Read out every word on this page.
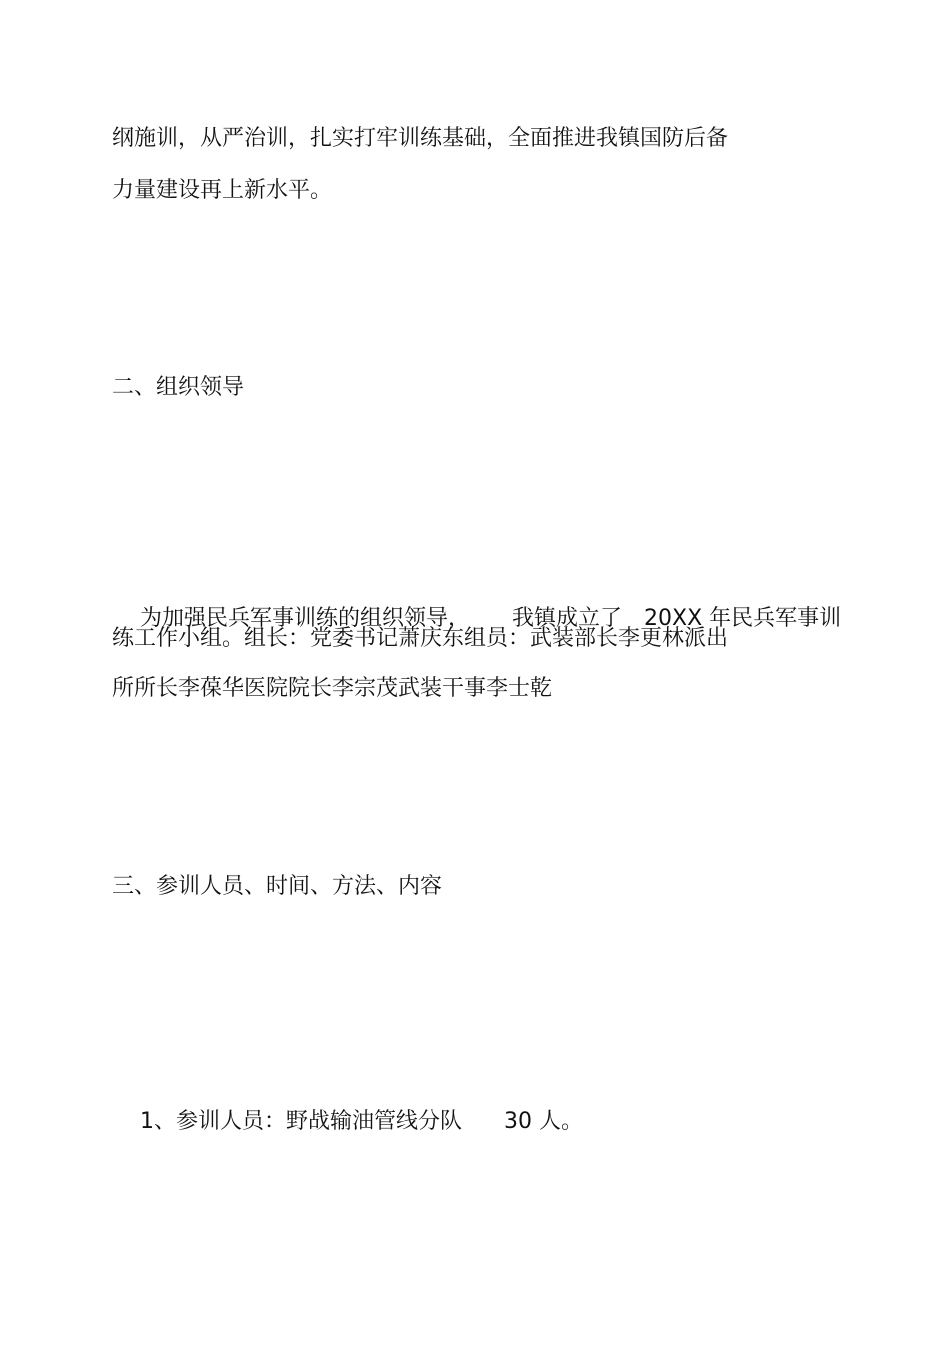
纲施训，从严治训，扎实打牢训练基础，全面推进我镇国防后备
力量建设再上新水平。
二、组织领导

为加强民兵军事训练的组织领导， 我镇成立了 20XX 年民兵军事训

练工作小组。组长：党委书记萧庆东组员：武装部长李更林派出
所所长李葆华医院院长李宗茂武装干事李士乾
三、参训人员、时间、方法、内容

1、参训人员：野战输油管线分队 30 人。
